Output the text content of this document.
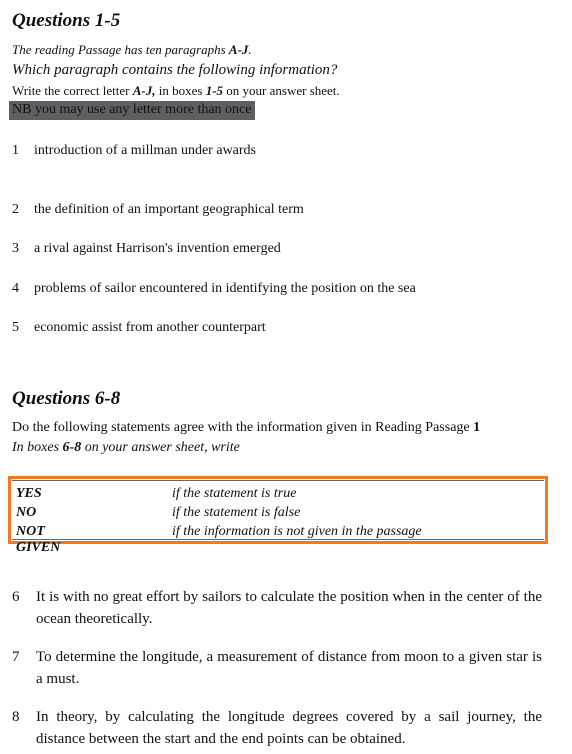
Questions 1-5
The reading Passage has ten paragraphs A-J.
Which paragraph contains the following information?
Write the correct letter A-J, in boxes 1-5 on your answer sheet.
NB you may use any letter more than once
1 introduction of a millman under awards
2 the definition of an important geographical term
3 a rival against Harrison's invention emerged
4 problems of sailor encountered in identifying the position on the sea
5 economic assist from another counterpart
Questions 6-8
Do the following statements agree with the information given in Reading Passage 1
In boxes 6-8 on your answer sheet, write
YES	if the statement is true
NO	if the statement is false
NOT GIVEN
if the information is not given in the passage
6 It is with no great effort by sailors to calculate the position when in the center of the ocean theoretically.
7 To determine the longitude, a measurement of distance from moon to a given star is a must.
8 In theory, by calculating the longitude degrees covered by a sail journey, the distance between the start and the end points can be obtained.
